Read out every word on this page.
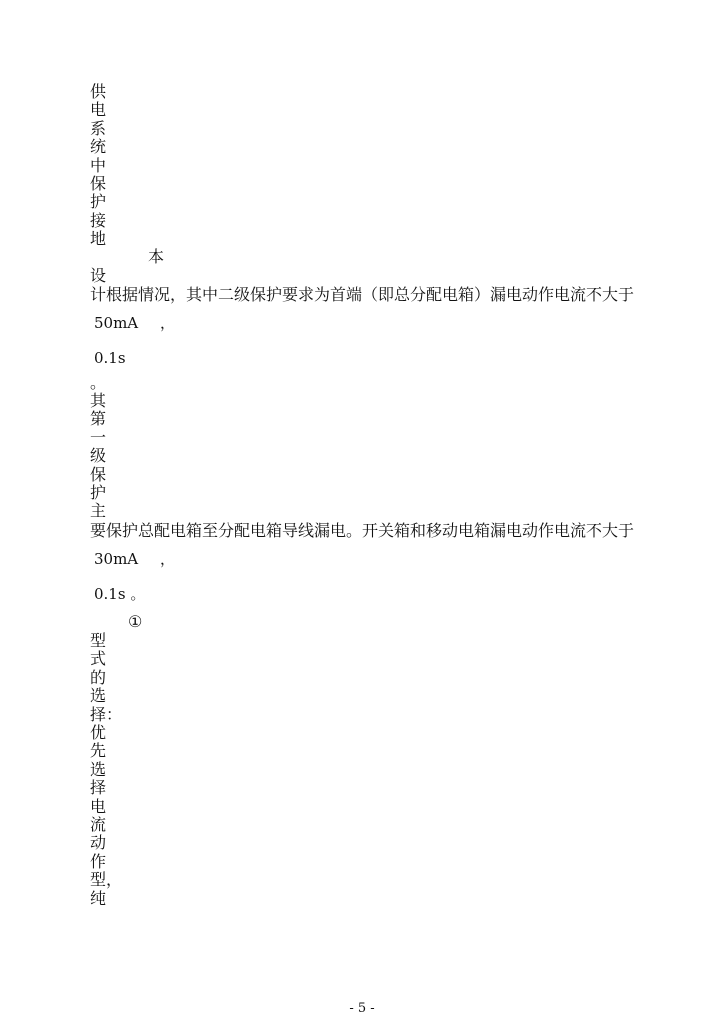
供电系统中保护接地
本
设
计根据情况，其中二级保护要求为首端（即总分配电箱）漏电动作电流不大于
50mA ，
0.1s
。
其第一级保护主
要保护总配电箱至分配电箱导线漏电。开关箱和移动电箱漏电动作电流不大于
30mA ，
0.1s 。
①
型式的选择：优先选择电流动作型，纯
- 5 -
